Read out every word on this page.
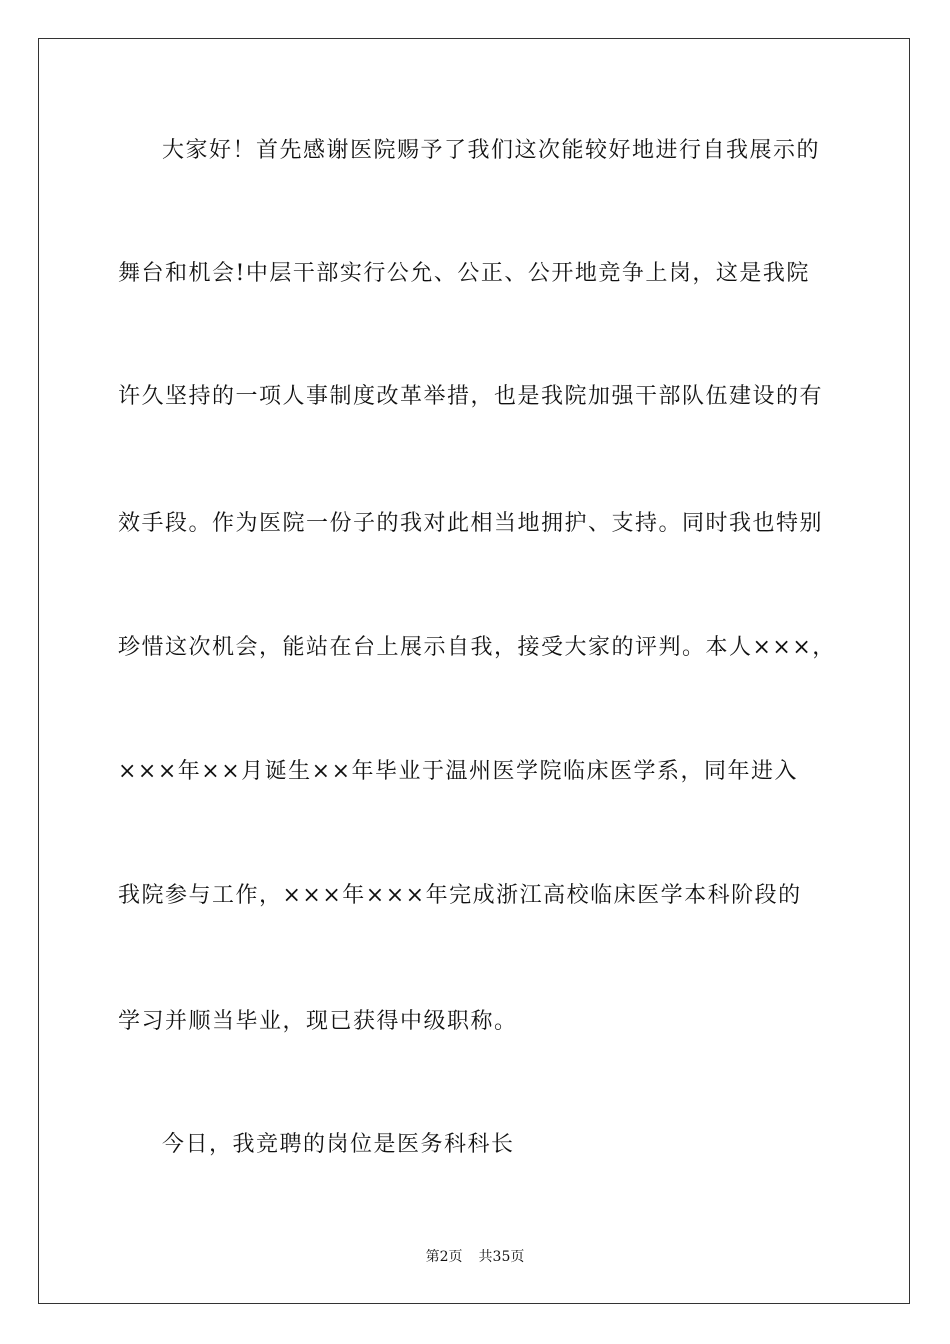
大家好！首先感谢医院赐予了我们这次能较好地进行自我展示的
舞台和机会!中层干部实行公允、公正、公开地竞争上岗，这是我院
许久坚持的一项人事制度改革举措，也是我院加强干部队伍建设的有
效手段。作为医院一份子的我对此相当地拥护、支持。同时我也特别
珍惜这次机会，能站在台上展示自我，接受大家的评判。本人×××，
×××年××月诞生××年毕业于温州医学院临床医学系，同年进入
我院参与工作，×××年×××年完成浙江高校临床医学本科阶段的
学习并顺当毕业，现已获得中级职称。
今日，我竞聘的岗位是医务科科长
第2页 共35页
